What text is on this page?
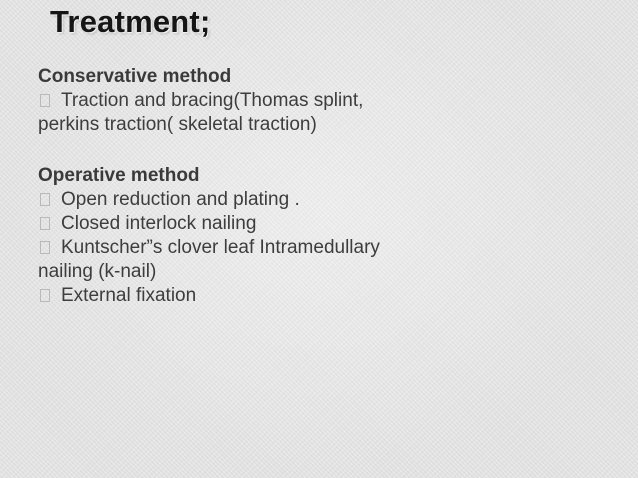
Treatment;
Conservative method
Traction and bracing(Thomas splint,
perkins traction( skeletal traction)
Operative method
Open reduction and plating .
Closed interlock nailing
Kuntscher”s clover leaf Intramedullary
nailing (k-nail)
External fixation
